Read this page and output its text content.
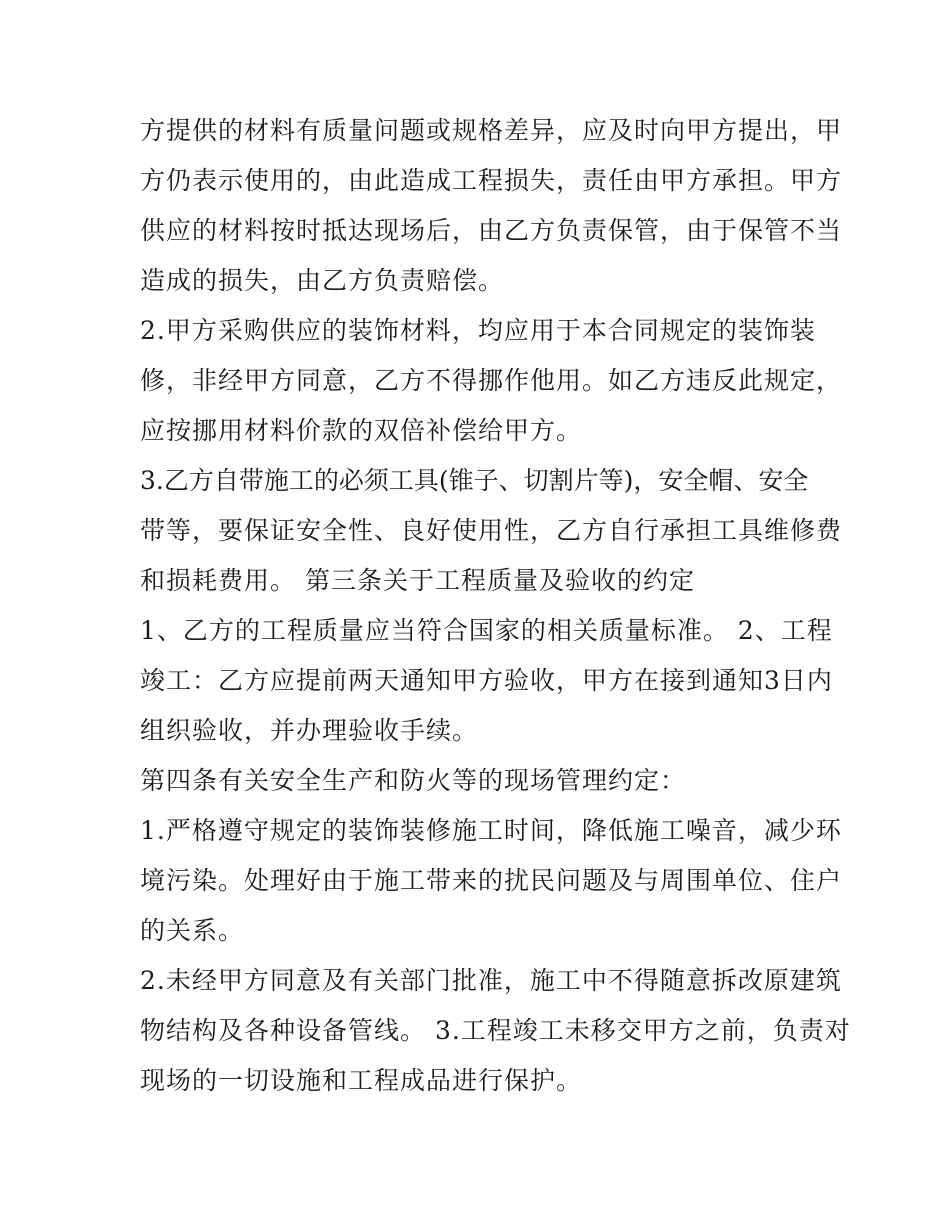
方提供的材料有质量问题或规格差异，应及时向甲方提出，甲
方仍表示使用的，由此造成工程损失，责任由甲方承担。甲方
供应的材料按时抵达现场后，由乙方负责保管，由于保管不当
造成的损失，由乙方负责赔偿。
2.甲方采购供应的装饰材料，均应用于本合同规定的装饰装
修，非经甲方同意，乙方不得挪作他用。如乙方违反此规定，
应按挪用材料价款的双倍补偿给甲方。
3.乙方自带施工的必须工具(锥子、切割片等)，安全帽、安全
带等，要保证安全性、良好使用性，乙方自行承担工具维修费
和损耗费用。 第三条关于工程质量及验收的约定
1、乙方的工程质量应当符合国家的相关质量标准。 2、工程
竣工：乙方应提前两天通知甲方验收，甲方在接到通知3日内
组织验收，并办理验收手续。
第四条有关安全生产和防火等的现场管理约定：
1.严格遵守规定的装饰装修施工时间，降低施工噪音，减少环
境污染。处理好由于施工带来的扰民问题及与周围单位、住户
的关系。
2.未经甲方同意及有关部门批准，施工中不得随意拆改原建筑
物结构及各种设备管线。 3.工程竣工未移交甲方之前，负责对
现场的一切设施和工程成品进行保护。
